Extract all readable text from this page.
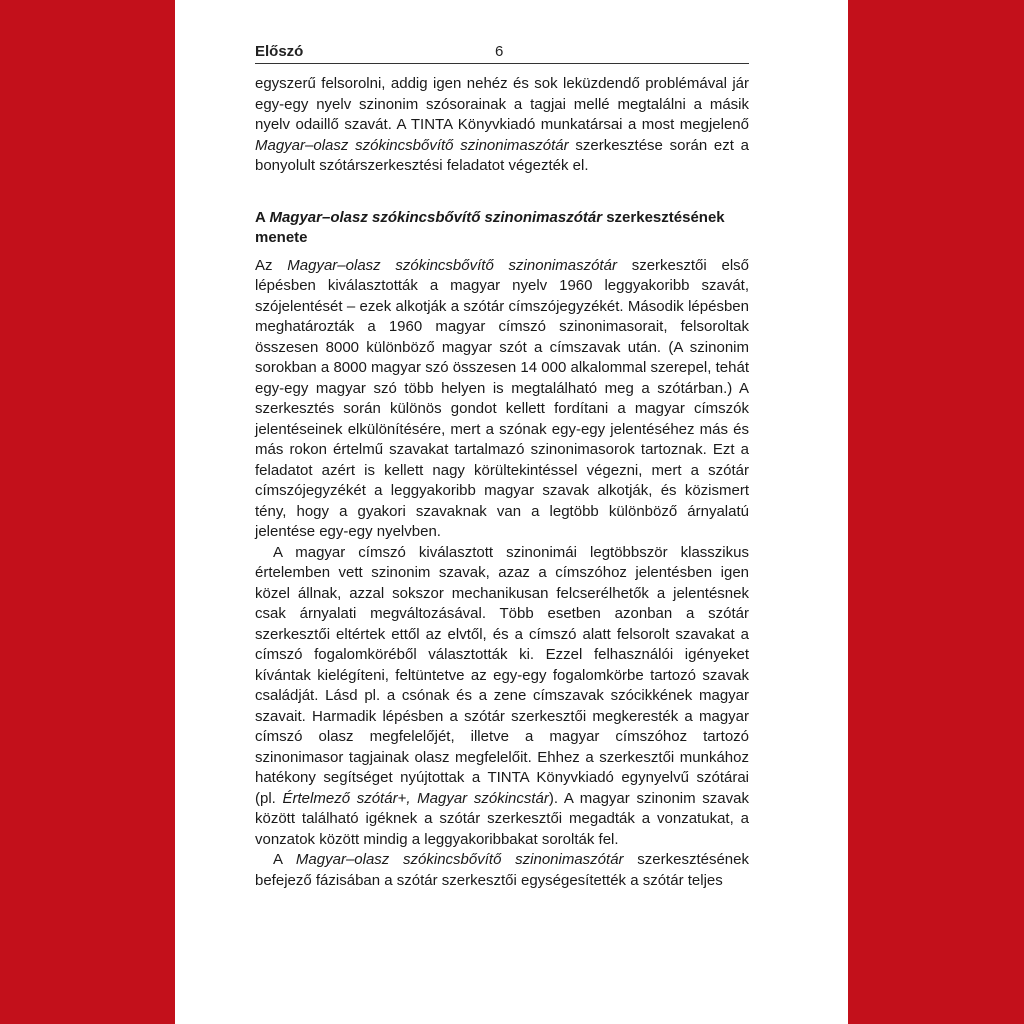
Előszó	6

egyszerű felsorolni, addig igen nehéz és sok leküzdendő problémával jár egy-egy nyelv szinonim szósorainak a tagjai mellé megtalálni a másik nyelv odaillő szavát. A TINTA Könyvkiadó munkatársai a most megjelenő Magyar–olasz szókincsbővítő szinonimaszótár szerkesztése során ezt a bonyolult szótárszerkesztési feladatot végezték el.

A Magyar–olasz szókincsbővítő szinonimaszótár szerkesztésének menete

Az Magyar–olasz szókincsbővítő szinonimaszótár szerkesztői első lépésben kiválasztották a magyar nyelv 1960 leggyakoribb szavát, szójelentését – ezek alkotják a szótár címszójegyzékét. Második lépésben meghatározták a 1960 magyar címszó szinonimasorait, felsoroltak összesen 8000 különböző magyar szót a címszavak után. (A szinonim sorokban a 8000 magyar szó összesen 14 000 alkalommal szerepel, tehát egy-egy magyar szó több helyen is megtalálható meg a szótárban.) A szerkesztés során különös gondot kellett fordítani a magyar címszók jelentéseinek elkülönítésére, mert a szónak egy-egy jelentéséhez más és más rokon értelmű szavakat tartalmazó szinonimasorok tartoznak. Ezt a feladatot azért is kellett nagy körültekintéssel végezni, mert a szótár címszójegyzékét a leggyakoribb magyar szavak alkotják, és közismert tény, hogy a gyakori szavaknak van a legtöbb különböző árnyalatú jelentése egy-egy nyelvben.

A magyar címszó kiválasztott szinonimái legtöbbször klasszikus értelemben vett szinonim szavak, azaz a címszóhoz jelentésben igen közel állnak, azzal sokszor mechanikusan felcserélhetők a jelentésnek csak árnyalati megváltozásával. Több esetben azonban a szótár szerkesztői eltértek ettől az elvtől, és a címszó alatt felsorolt szavakat a címszó fogalomköréből választották ki. Ezzel felhasználói igényeket kívántak kielégíteni, feltüntetve az egy-egy fogalomkörbe tartozó szavak családját. Lásd pl. a csónak és a zene címszavak szócikkének magyar szavait. Harmadik lépésben a szótár szerkesztői megkeresték a magyar címszó olasz megfelelőjét, illetve a magyar címszóhoz tartozó szinonimasor tagjainak olasz megfelelőit. Ehhez a szerkesztői munkához hatékony segítséget nyújtottak a TINTA Könyvkiadó egynyelvű szótárai (pl. Értelmező szótár+, Magyar szókincstár). A magyar szinonim szavak között található igéknek a szótár szerkesztői megadták a vonzatukat, a vonzatok között mindig a leggyakoribbakat sorolták fel.

A Magyar–olasz szókincsbővítő szinonimaszótár szerkesztésének befejező fázisában a szótár szerkesztői egységesítették a szótár teljes
